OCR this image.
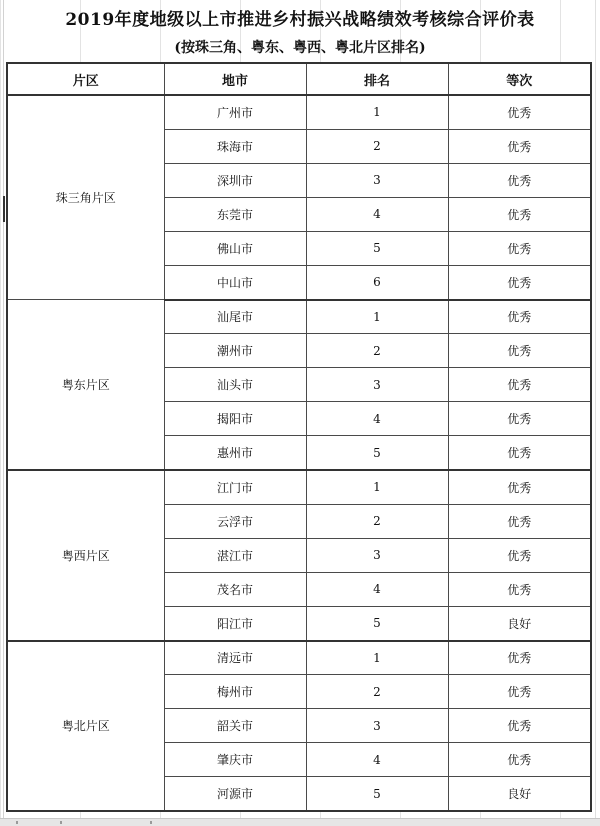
2019年度地级以上市推进乡村振兴战略绩效考核综合评价表
(按珠三角、粤东、粤西、粤北片区排名)
片区	地市	排名	等次
珠三角片区	广州市	1	优秀
	珠海市	2	优秀
	深圳市	3	优秀
	东莞市	4	优秀
	佛山市	5	优秀
	中山市	6	优秀
粤东片区	汕尾市	1	优秀
	潮州市	2	优秀
	汕头市	3	优秀
	揭阳市	4	优秀
	惠州市	5	优秀
粤西片区	江门市	1	优秀
	云浮市	2	优秀
	湛江市	3	优秀
	茂名市	4	优秀
	阳江市	5	良好
粤北片区	清远市	1	优秀
	梅州市	2	优秀
	韶关市	3	优秀
	肇庆市	4	优秀
	河源市	5	良好
